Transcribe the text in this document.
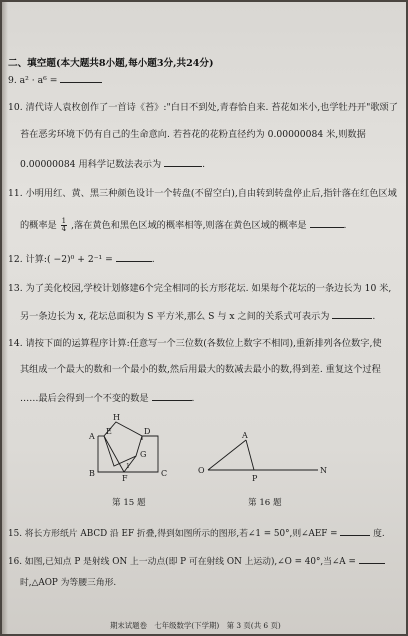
二、填空题(本大题共8小题,每小题3分,共24分)
9. a² · a⁶ =
10. 清代诗人袁枚创作了一首诗《苔》:"白日不到处,青春恰自来. 苔花如米小,也学牡丹开"歌颂了
苔在恶劣环境下仍有自己的生命意向. 若苔花的花粉直径约为 0.00000084 米,则数据
0.00000084 用科学记数法表示为	.
11. 小明用红、黄、黑三种颜色设计一个转盘(不留空白),自由转到转盘停止后,指针落在红色区域
的概率是 $\frac{1}{4}$ ,落在黄色和黑色区域的概率相等,则落在黄色区域的概率是	.
12. 计算:( −2)⁰ + 2⁻¹ =	.
13. 为了美化校园,学校计划修建6个完全相同的长方形花坛. 如果每个花坛的一条边长为 10 米,
另一条边长为 x, 花坛总面积为 S 平方米,那么 S 与 x 之间的关系式可表示为	.
14. 请按下面的运算程序计算:任意写一个三位数(各数位上数字不相同),重新排列各位数字,使
其组成一个最大的数和一个最小的数,然后用最大的数减去最小的数,得到差. 重复这个过程
……最后会得到一个不变的数是	.
A
B	C
D
E
F
G
H
1
第 15 题
O
A
P
N
第 16 题
15. 将长方形纸片 ABCD 沿 EF 折叠,得到如图所示的图形,若∠1 = 50°,则∠AEF =	度.
16. 如图,已知点 P 是射线 ON 上一动点(即 P 可在射线 ON 上运动),∠O = 40°,当∠A =
时,△AOP 为等腰三角形.
期末试题卷　七年级数学(下学期)　第 3 页(共 6 页)
